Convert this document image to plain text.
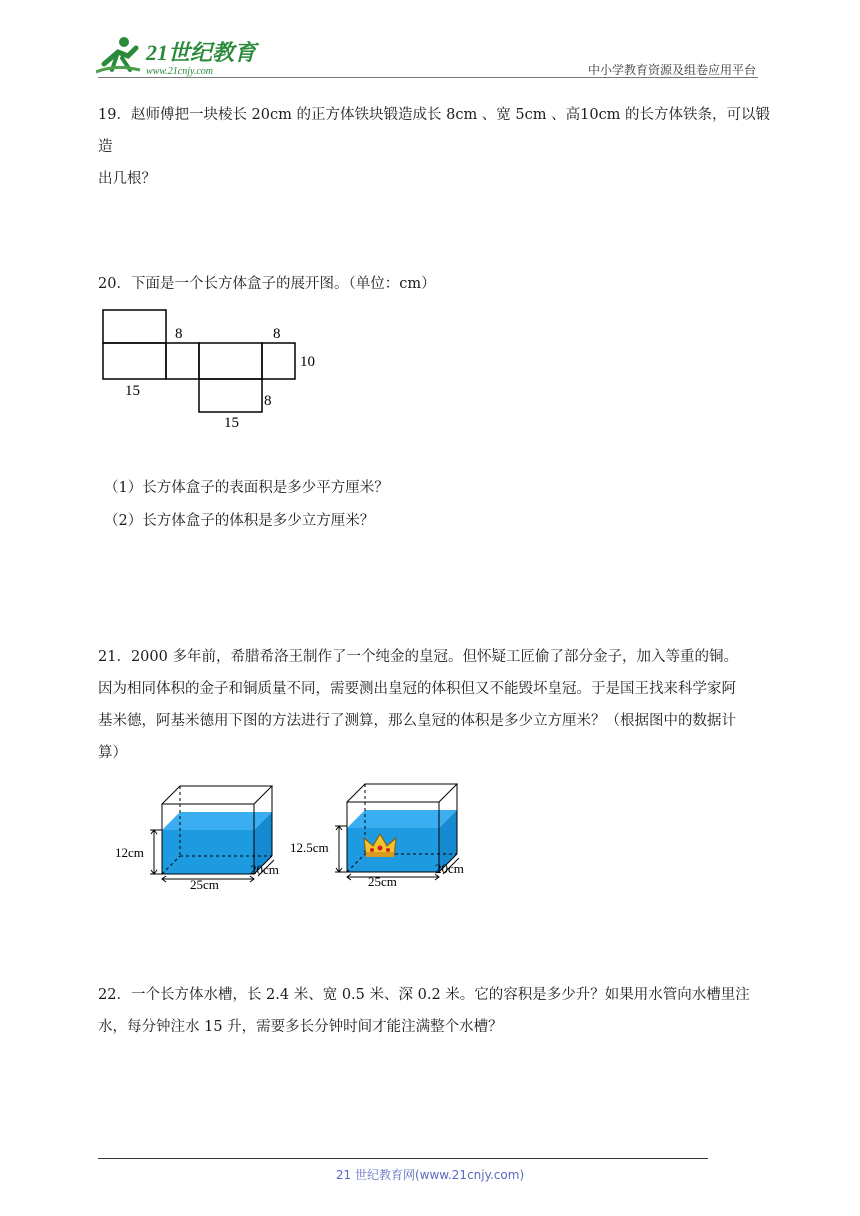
21世纪教育
www.21cnjy.com	中小学教育资源及组卷应用平台

19．赵师傅把一块棱长 20cm 的正方体铁块锻造成长 8cm 、宽 5cm 、高10cm 的长方体铁条，可以锻造

出几根？

20．下面是一个长方体盒子的展开图。（单位：cm）
8	8
10
15
8
15
（1）长方体盒子的表面积是多少平方厘米？
（2）长方体盒子的体积是多少立方厘米？

21．2000 多年前，希腊希洛王制作了一个纯金的皇冠。但怀疑工匠偷了部分金子，加入等重的铜。

因为相同体积的金子和铜质量不同，需要测出皇冠的体积但又不能毁坏皇冠。于是国王找来科学家阿

基米德，阿基米德用下图的方法进行了测算，那么皇冠的体积是多少立方厘米？（根据图中的数据计

算）

12cm
25cm
20cm
12.5cm
25cm
20cm

22．一个长方体水槽，长 2.4 米、宽 0.5 米、深 0.2 米。它的容积是多少升？如果用水管向水槽里注

水，每分钟注水 15 升，需要多长分钟时间才能注满整个水槽？

21 世纪教育网(www.21cnjy.com)
